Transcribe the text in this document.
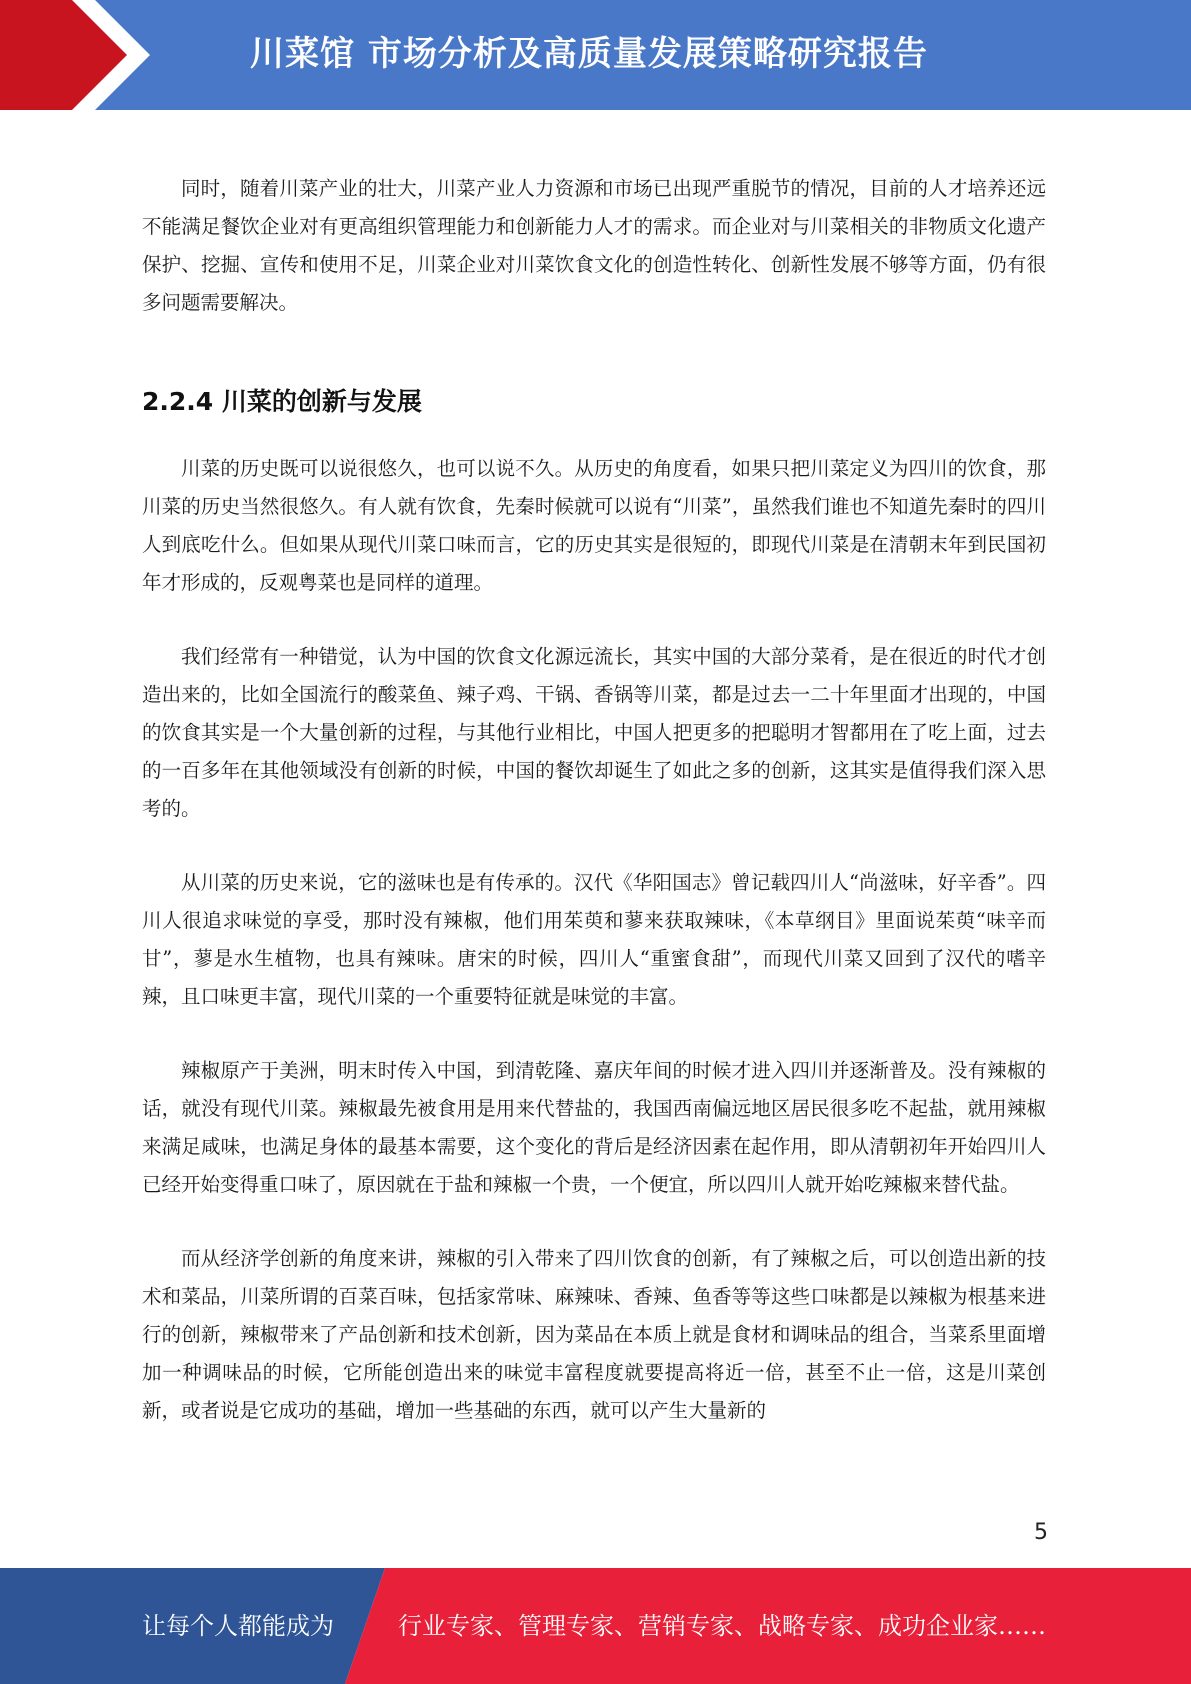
川菜馆 市场分析及高质量发展策略研究报告

同时，随着川菜产业的壮大，川菜产业人力资源和市场已出现严重脱节的情况，目前的人才培养还远不能满足餐饮企业对有更高组织管理能力和创新能力人才的需求。而企业对与川菜相关的非物质文化遗产保护、挖掘、宣传和使用不足，川菜企业对川菜饮食文化的创造性转化、创新性发展不够等方面，仍有很多问题需要解决。

2.2.4 川菜的创新与发展

川菜的历史既可以说很悠久，也可以说不久。从历史的角度看，如果只把川菜定义为四川的饮食，那川菜的历史当然很悠久。有人就有饮食，先秦时候就可以说有“川菜”，虽然我们谁也不知道先秦时的四川人到底吃什么。但如果从现代川菜口味而言，它的历史其实是很短的，即现代川菜是在清朝末年到民国初年才形成的，反观粤菜也是同样的道理。

我们经常有一种错觉，认为中国的饮食文化源远流长，其实中国的大部分菜肴，是在很近的时代才创造出来的，比如全国流行的酸菜鱼、辣子鸡、干锅、香锅等川菜，都是过去一二十年里面才出现的，中国的饮食其实是一个大量创新的过程，与其他行业相比，中国人把更多的把聪明才智都用在了吃上面，过去的一百多年在其他领域没有创新的时候，中国的餐饮却诞生了如此之多的创新，这其实是值得我们深入思考的。

从川菜的历史来说，它的滋味也是有传承的。汉代《华阳国志》曾记载四川人“尚滋味，好辛香”。四川人很追求味觉的享受，那时没有辣椒，他们用茱萸和蓼来获取辣味，《本草纲目》里面说茱萸“味辛而甘”，蓼是水生植物，也具有辣味。唐宋的时候，四川人“重蜜食甜”，而现代川菜又回到了汉代的嗜辛辣，且口味更丰富，现代川菜的一个重要特征就是味觉的丰富。

辣椒原产于美洲，明末时传入中国，到清乾隆、嘉庆年间的时候才进入四川并逐渐普及。没有辣椒的话，就没有现代川菜。辣椒最先被食用是用来代替盐的，我国西南偏远地区居民很多吃不起盐，就用辣椒来满足咸味，也满足身体的最基本需要，这个变化的背后是经济因素在起作用，即从清朝初年开始四川人已经开始变得重口味了，原因就在于盐和辣椒一个贵，一个便宜，所以四川人就开始吃辣椒来替代盐。

而从经济学创新的角度来讲，辣椒的引入带来了四川饮食的创新，有了辣椒之后，可以创造出新的技术和菜品，川菜所谓的百菜百味，包括家常味、麻辣味、香辣、鱼香等等这些口味都是以辣椒为根基来进行的创新，辣椒带来了产品创新和技术创新，因为菜品在本质上就是食材和调味品的组合，当菜系里面增加一种调味品的时候，它所能创造出来的味觉丰富程度就要提高将近一倍，甚至不止一倍，这是川菜创新，或者说是它成功的基础，增加一些基础的东西，就可以产生大量新的

5
让每个人都能成为	行业专家、管理专家、营销专家、战略专家、成功企业家……
